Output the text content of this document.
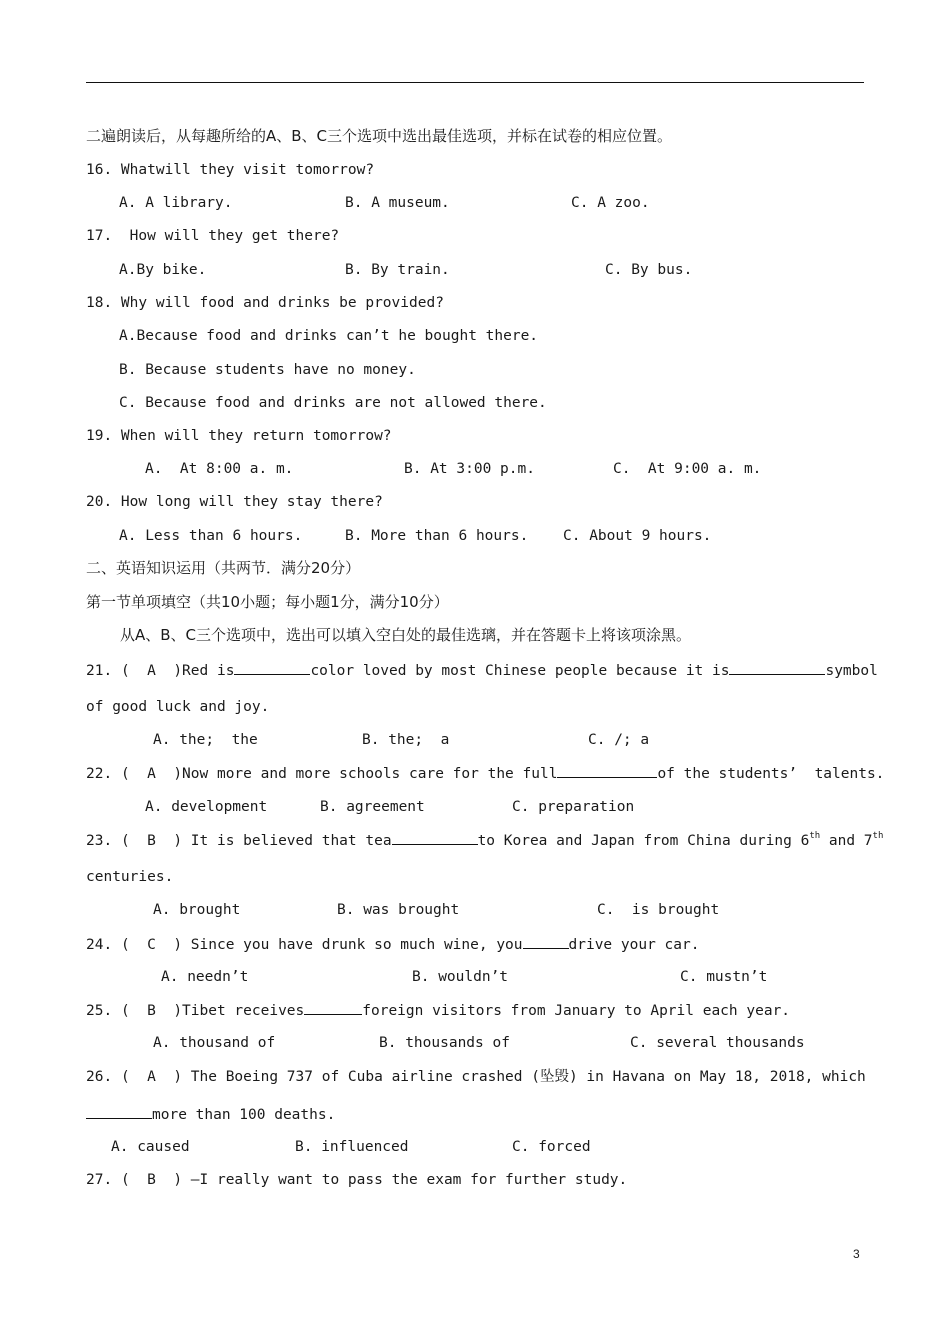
二遍朗读后，从每趣所给的A、B、C三个选项中选出最佳选项，并标在试卷的相应位置。
16. Whatwill they visit tomorrow?
A. A library.	B. A museum.	C. A zoo.
17.  How will they get there?
A.By bike.	B. By train.	C. By bus.
18. Why will food and drinks be provided?
A.Because food and drinks can’t he bought there.
B. Because students have no money.
C. Because food and drinks are not allowed there.
19. When will they return tomorrow?
A.  At 8:00 a. m.	B. At 3:00 p.m.	C.  At 9:00 a. m.
20. How long will they stay there?
A. Less than 6 hours.	B. More than 6 hours. C. About 9 hours.
二、英语知识运用（共两节．满分20分）
第一节单项填空（共10小题；每小题1分，满分10分）
从A、B、C三个选项中，选出可以填入空白处的最佳选璃，并在答题卡上将该项涂黑。
21. (  A  )Red is	color loved by most Chinese people because it is	symbol
of good luck and joy.
A. the;  the	B. the;  a	C. /; a
22. (  A  )Now more and more schools care for the full	of the students’  talents.
A. development	B. agreement	C. preparation
23. (  B  ) It is believed that tea	to Korea and Japan from China during 6th and 7th
centuries.
A. brought	B. was brought	C.  is brought
24. (  C  ) Since you have drunk so much wine, you	drive your car.
A. needn’t	B. wouldn’t	C. mustn’t
25. (  B  )Tibet receives	foreign visitors from January to April each year.
A. thousand of	B. thousands of	C. several thousands
26. (  A  ) The Boeing 737 of Cuba airline crashed (坠毁) in Havana on May 18, 2018, which
more than 100 deaths.
A. caused	B. influenced	C. forced
27. (  B  ) —I really want to pass the exam for further study.
3
